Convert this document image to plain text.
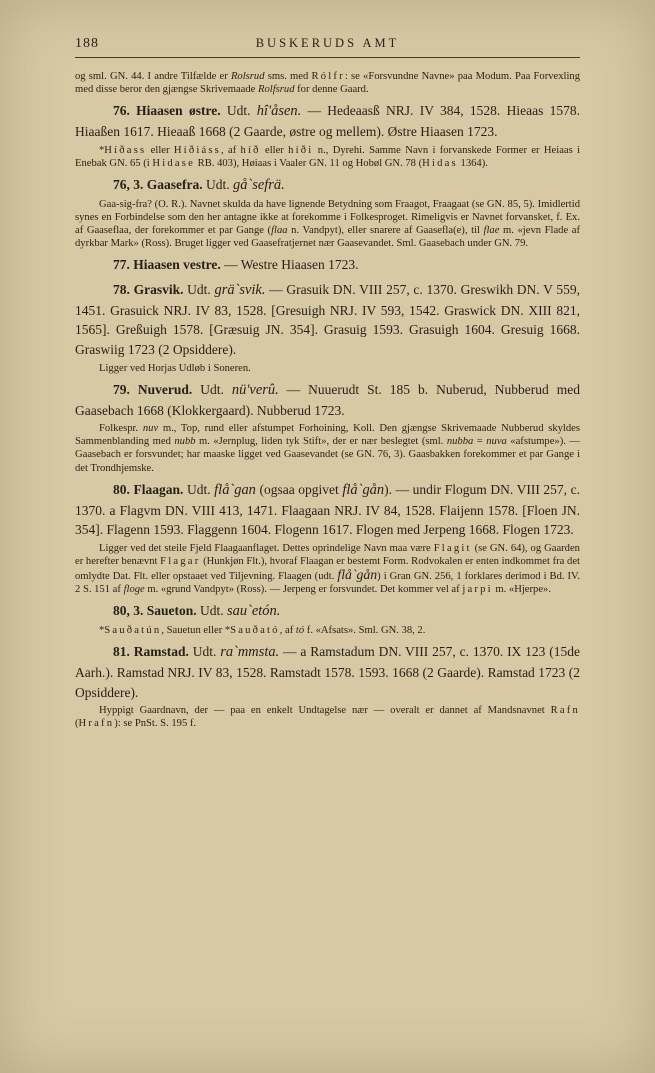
188	BUSKERUDS AMT

og sml. GN. 44. I andre Tilfælde er Rolsrud sms. med Rólfr: se «Forsvundne Navne» paa Modum. Paa Forvexling med disse beror den gjængse Skrivemaade Rolfsrud for denne Gaard.

76. Hiaasen østre. Udt. hî'åsen. — Hedeaasß NRJ. IV 384, 1528. Hieaas 1578. Hiaaßen 1617. Hieaaß 1668 (2 Gaarde, østre og mellem). Østre Hiaasen 1723.

*Híðass eller Híðiáss, af híð eller híði n., Dyrehi. Samme Navn i forvanskede Former er Heiaas i Enebak GN. 65 (i Hidase RB. 403), Høiaas i Vaaler GN. 11 og Hobøl GN. 78 (Hidas 1364).

76, 3. Gaasefra. Udt. gå`sefrä.

Gaa-sig-fra? (O. R.). Navnet skulda da have lignende Betydning som Fraagot, Fraagaat (se GN. 85, 5). Imidlertid synes en Forbindelse som den her antagne ikke at forekomme i Folkesproget. Rimeligvis er Navnet forvansket, f. Ex. af Gaaseflaa, der forekommer et par Gange (flaa n. Vandpyt), eller snarere af Gaasefla(e), til flae m. «jevn Flade af dyrkbar Mark» (Ross). Bruget ligger ved Gaasefratjernet nær Gaasevandet. Sml. Gaasebach under GN. 79.

77. Hiaasen vestre. — Westre Hiaasen 1723.

78. Grasvik. Udt. grä`svik. — Grasuik DN. VIII 257, c. 1370. Greswikh DN. V 559, 1451. Grasuick NRJ. IV 83, 1528. [Gresuigh NRJ. IV 593, 1542. Graswick DN. XIII 821, 1565]. Greßuigh 1578. [Græsuig JN. 354]. Grasuig 1593. Grasuigh 1604. Gresuig 1668. Graswiig 1723 (2 Opsiddere).

Ligger ved Horjas Udløb i Soneren.

79. Nuverud. Udt. nü'verû. — Nuuerudt St. 185 b. Nuberud, Nubberud med Gaasebach 1668 (Klokkergaard). Nubberud 1723.

Folkespr. nuv m., Top, rund eller afstumpet Forhoining, Koll. Den gjængse Skrivemaade Nubberud skyldes Sammenblanding med nubb m. «Jernplug, liden tyk Stift», der er nær beslegtet (sml. nubba = nuva «afstumpe»). — Gaasebach er forsvundet; har maaske ligget ved Gaasevandet (se GN. 76, 3). Gaasbakken forekommer et par Gange i det Trondhjemske.

80. Flaagan. Udt. flå`gan (ogsaa opgivet flå`gån). — undir Flogum DN. VIII 257, c. 1370. a Flagvm DN. VIII 413, 1471. Flaagaan NRJ. IV 84, 1528. Flaijenn 1578. [Floen JN. 354]. Flagenn 1593. Flaggenn 1604. Flogenn 1617. Flogen med Jerpeng 1668. Flogen 1723.

Ligger ved det steile Fjeld Flaagaanflaget. Dettes oprindelige Navn maa være Flagit (se GN. 64), og Gaarden er herefter benævnt Flagar (Hunkjøn Flt.), hvoraf Flaagan er bestemt Form. Rodvokalen er enten indkommet fra det omlydte Dat. Flt. eller opstaaet ved Tiljevning. Flaagen (udt. flå`gån) i Gran GN. 256, 1 forklares derimod i Bd. IV. 2 S. 151 af floge m. «grund Vandpyt» (Ross). — Jerpeng er forsvundet. Det kommer vel af jarpi m. «Hjerpe».

80, 3. Saueton. Udt. sau`etón.

*Sauðatún, Sauetun eller *Sauðató, af tó f. «Afsats». Sml. GN. 38, 2.

81. Ramstad. Udt. ra`mmsta. — a Ramstadum DN. VIII 257, c. 1370. IX 123 (15de Aarh.). Ramstad NRJ. IV 83, 1528. Ramstadt 1578. 1593. 1668 (2 Gaarde). Ramstad 1723 (2 Opsiddere).

Hyppigt Gaardnavn, der — paa en enkelt Undtagelse nær — overalt er dannet af Mandsnavnet Rafn (Hrafn): se PnSt. S. 195 f.
